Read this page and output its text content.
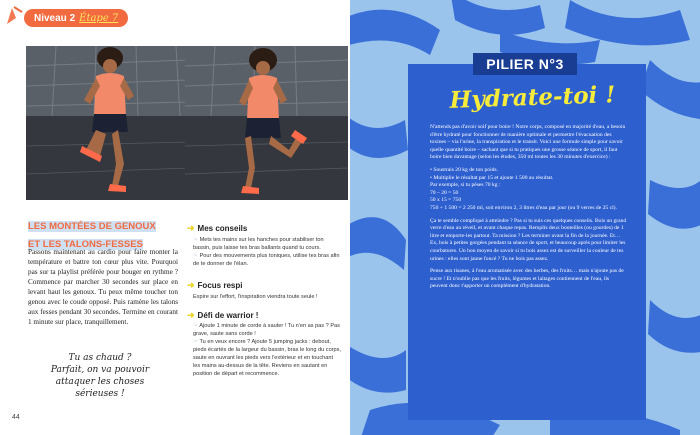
Niveau 2 Étape 7
LES MONTÉES DE GENOUX
ET LES TALONS-FESSES

Passons maintenant au cardio pour faire monter la température et battre ton cœur plus vite. Pourquoi pas sur ta playlist préférée pour bouger en rythme ? Commence par marcher 30 secondes sur place en levant haut les genoux. Tu peux même toucher ton genou avec le coude opposé. Puis ramène les talons aux fesses pendant 30 secondes. Termine en courant 1 minute sur place, tranquillement.

Tu as chaud ?
Parfait, on va pouvoir
attaquer les choses
sérieuses !
➜ Mes conseils
☞ Mets tes mains sur les hanches pour stabiliser ton bassin, puis laisse tes bras ballants quand tu cours.
☞ Pour des mouvements plus toniques, utilise tes bras afin de te donner de l'élan.
➜ Focus respi
Expire sur l'effort, l'inspiration viendra toute seule !
➜ Défi de warrior !
☞ Ajoute 1 minute de corde à sauter ! Tu n'en as pas ? Pas grave, saute sans corde !
☞ Tu en veux encore ? Ajoute 5 jumping jacks : debout, pieds écartés de la largeur du bassin, bras le long du corps, saute en ouvrant les pieds vers l'extérieur et en touchant les mains au-dessus de la tête. Reviens en sautant en position de départ et recommence.
44
PILIER N°3
Hydrate-toi !

N'attends pas d'avoir soif pour boire ! Notre corps, composé en majorité d'eau, a besoin d'être hydraté pour fonctionner de manière optimale et permettre l'évacuation des toxines – via l'urine, la transpiration et le transit. Voici une formule simple pour savoir quelle quantité boire – sachant que si tu pratiques une grosse séance de sport, il faut boire bien davantage (selon les études, 350 ml toutes les 30 minutes d'exercice) :

• Soustrais 20 kg de ton poids.
• Multiplie le résultat par 15 et ajoute 1 500 au résultat.
Par exemple, si tu pèses 70 kg :
70 – 20 = 50
50 x 15 = 750

750 + 1 500 = 2 250 ml, soit environ 2, 3 litres d'eau par jour (ou 9 verres de 25 cl).

Ça te semble compliqué à atteindre ? Pas si tu suis ces quelques conseils. Bois un grand verre d'eau au réveil, et avant chaque repas. Remplis deux bouteilles (ou gourdes) de 1 litre et emporte-les partout. Ta mission ? Les terminer avant la fin de la journée. Et… Ex, bois à petites gorgées pendant ta séance de sport, et beaucoup après pour limiter les courbatures. Un bon moyen de savoir si tu bois assez est de surveiller la couleur de tes urines : elles sont jaune foncé ? Tu ne bois pas assez.

Pense aux tisanes, à l'eau aromatisée avec des herbes, des fruits… mais n'ajoute pas de sucre ! Et n'oublie pas que les fruits, légumes et laitages contiennent de l'eau, ils peuvent donc t'apporter un complément d'hydratation.
